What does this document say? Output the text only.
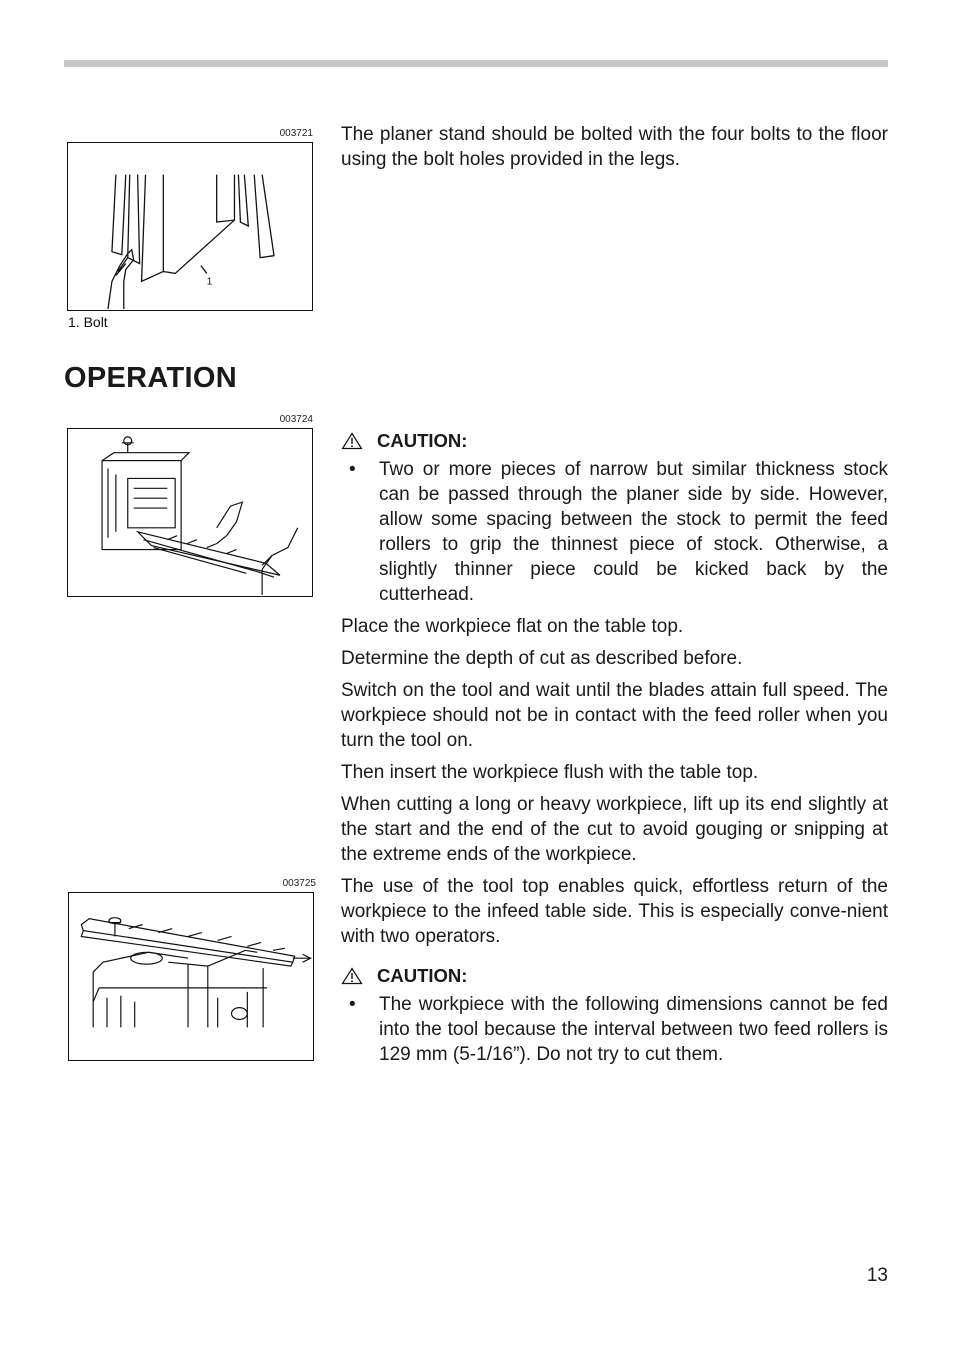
003721
1
1. Bolt

The planer stand should be bolted with the four bolts to the floor using the bolt holes provided in the legs.

OPERATION
003724
CAUTION:
•	Two or more pieces of narrow but similar thickness stock can be passed through the planer side by side. However, allow some spacing between the stock to permit the feed rollers to grip the thinnest piece of stock. Otherwise, a slightly thinner piece could be kicked back by the cutterhead.

Place the workpiece flat on the table top.

Determine the depth of cut as described before.

Switch on the tool and wait until the blades attain full speed. The workpiece should not be in contact with the feed roller when you turn the tool on.

Then insert the workpiece flush with the table top.

When cutting a long or heavy workpiece, lift up its end slightly at the start and the end of the cut to avoid gouging or snipping at the extreme ends of the workpiece.

The use of the tool top enables quick, effortless return of the workpiece to the infeed table side. This is especially conve-nient with two operators.

CAUTION:
•	The workpiece with the following dimensions cannot be fed into the tool because the interval between two feed rollers is 129 mm (5-1/16”). Do not try to cut them.
003725
13
